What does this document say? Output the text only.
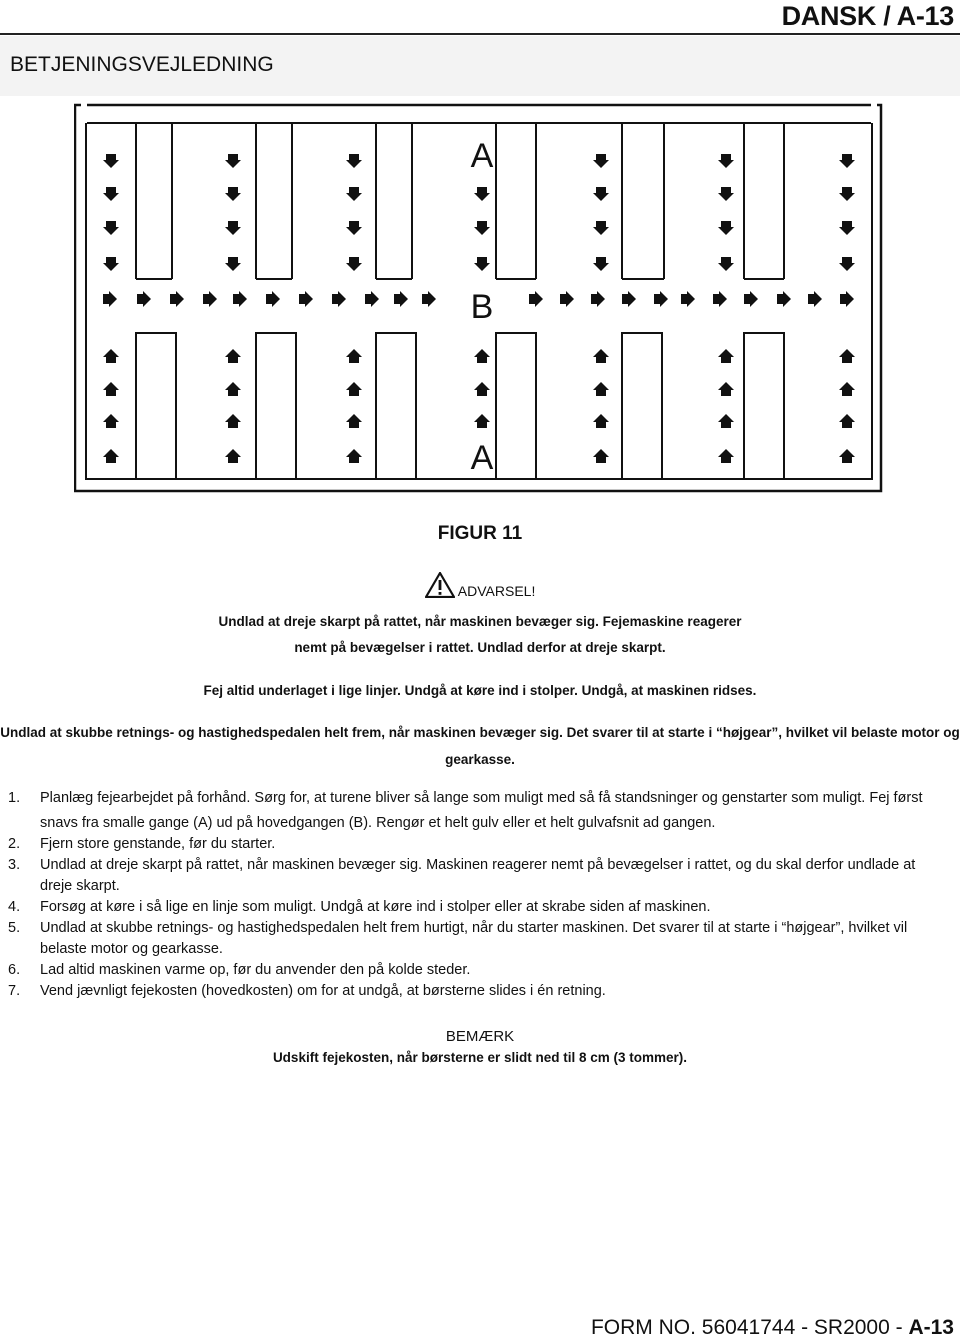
DANSK / A-13
BETJENINGSVEJLEDNING
A
B
A
FIGUR 11
ADVARSEL!
Undlad at dreje skarpt på rattet, når maskinen bevæger sig. Fejemaskine reagerer
nemt på bevægelser i rattet. Undlad derfor at dreje skarpt.
Fej altid underlaget i lige linjer. Undgå at køre ind i stolper. Undgå, at maskinen ridses.
Undlad at skubbe retnings- og hastighedspedalen helt frem, når maskinen bevæger sig. Det svarer til at starte i “højgear”, hvilket vil belaste motor og
gearkasse.
1.	Planlæg fejearbejdet på forhånd. Sørg for, at turene bliver så lange som muligt med så få standsninger og genstarter som muligt. Fej først
snavs fra smalle gange (A) ud på hovedgangen (B). Rengør et helt gulv eller et helt gulvafsnit ad gangen.
2.	Fjern store genstande, før du starter.
3.	Undlad at dreje skarpt på rattet, når maskinen bevæger sig. Maskinen reagerer nemt på bevægelser i rattet, og du skal derfor undlade at
dreje skarpt.
4.	Forsøg at køre i så lige en linje som muligt. Undgå at køre ind i stolper eller at skrabe siden af maskinen.
5.	Undlad at skubbe retnings- og hastighedspedalen helt frem hurtigt, når du starter maskinen. Det svarer til at starte i “højgear”, hvilket vil
belaste motor og gearkasse.
6.	Lad altid maskinen varme op, før du anvender den på kolde steder.
7.	Vend jævnligt fejekosten (hovedkosten) om for at undgå, at børsterne slides i én retning.
BEMÆRK
Udskift fejekosten, når børsterne er slidt ned til 8 cm (3 tommer).
FORM NO. 56041744 - SR2000 - A-13
